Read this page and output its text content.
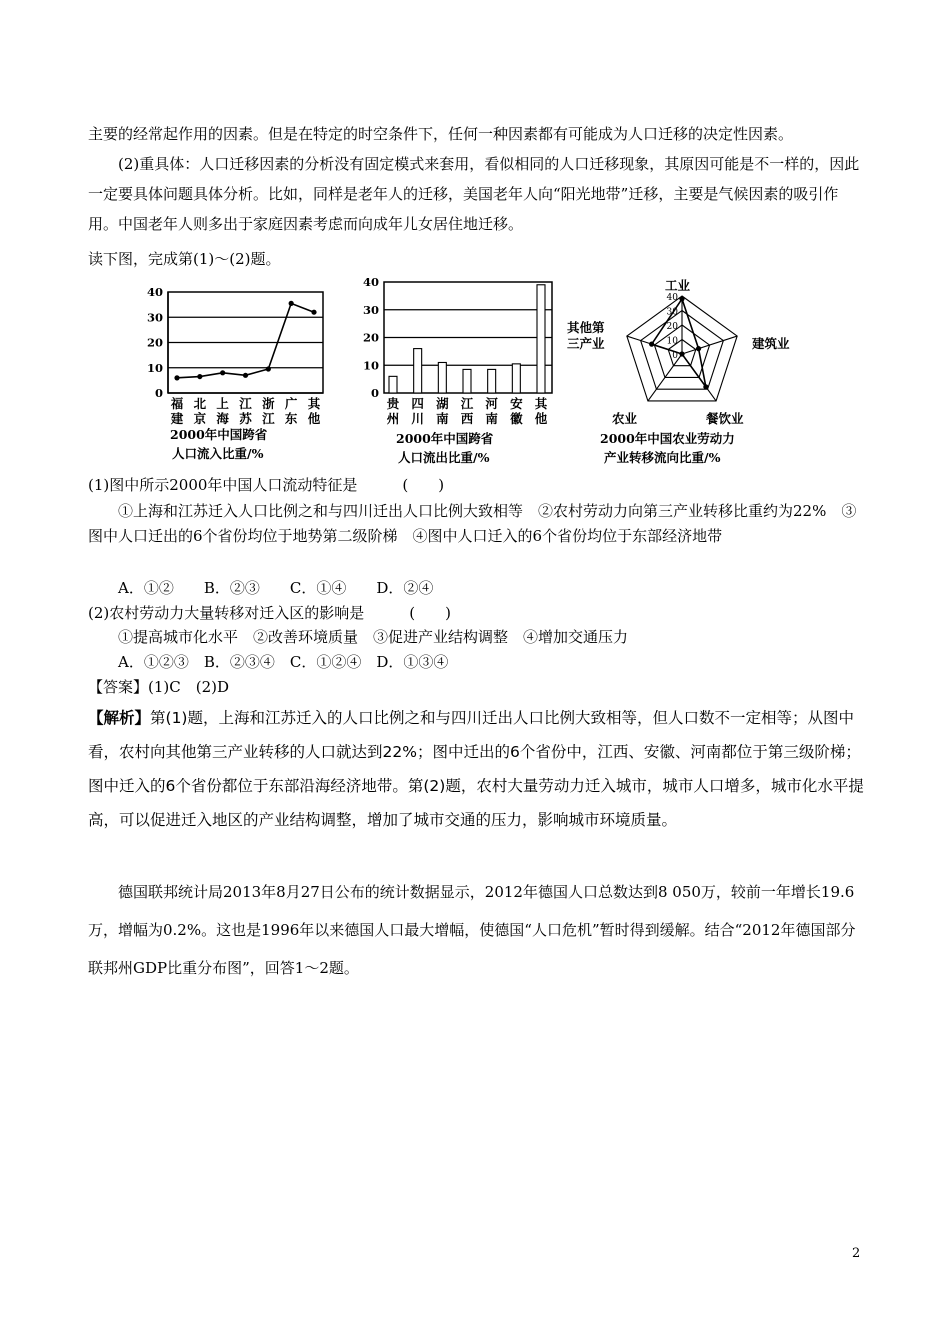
主要的经常起作用的因素。但是在特定的时空条件下，任何一种因素都有可能成为人口迁移的决定性因素。

(2)重具体：人口迁移因素的分析没有固定模式来套用，看似相同的人口迁移现象，其原因可能是不一样的，因此一定要具体问题具体分析。比如，同样是老年人的迁移，美国老年人向“阳光地带”迁移，主要是气候因素的吸引作用。中国老年人则多出于家庭因素考虑而向成年儿女居住地迁移。

读下图，完成第(1)～(2)题。

0
10
20
30
40
福
建
北
京
上
海
江
苏
浙
江
广
东
其
他
2000年中国跨省
人口流入比重/%
0
10
20
30
40
贵
州
四
川
湖
南
江
西
河
南
安
徽
其
他
2000年中国跨省
人口流出比重/%
0
10
20
30
40
工业
建筑业
餐饮业
农业
其他第三产业
2000年中国农业劳动力
产业转移流向比重/%

(1)图中所示2000年中国人口流动特征是　　　(　　)

①上海和江苏迁入人口比例之和与四川迁出人口比例大致相等　②农村劳动力向第三产业转移比重约为22%　③图中人口迁出的6个省份均位于地势第二级阶梯　④图中人口迁入的6个省份均位于东部经济地带

A．①②　　B．②③　　C．①④　　D．②④

(2)农村劳动力大量转移对迁入区的影响是　　　(　　)

①提高城市化水平　②改善环境质量　③促进产业结构调整　④增加交通压力

A．①②③　B．②③④　C．①②④　D．①③④

【答案】(1)C　(2)D

【解析】第(1)题，上海和江苏迁入的人口比例之和与四川迁出人口比例大致相等，但人口数不一定相等；从图中看，农村向其他第三产业转移的人口就达到22%；图中迁出的6个省份中，江西、安徽、河南都位于第三级阶梯；图中迁入的6个省份都位于东部沿海经济地带。第(2)题，农村大量劳动力迁入城市，城市人口增多，城市化水平提高，可以促进迁入地区的产业结构调整，增加了城市交通的压力，影响城市环境质量。

德国联邦统计局2013年8月27日公布的统计数据显示，2012年德国人口总数达到8 050万，较前一年增长19.6万，增幅为0.2%。这也是1996年以来德国人口最大增幅，使德国“人口危机”暂时得到缓解。结合“2012年德国部分联邦州GDP比重分布图”，回答1～2题。

2
